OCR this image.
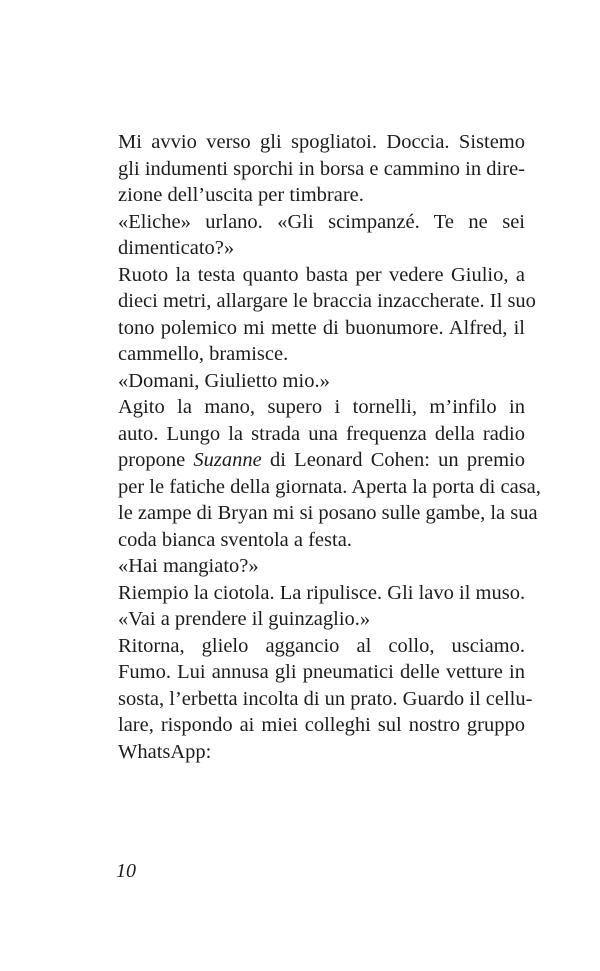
Mi avvio verso gli spogliatoi. Doccia. Sistemo
gli indumenti sporchi in borsa e cammino in dire-
zione dell’uscita per timbrare.
«Eliche» urlano. «Gli scimpanzé. Te ne sei
dimenticato?»
Ruoto la testa quanto basta per vedere Giulio, a
dieci metri, allargare le braccia inzaccherate. Il suo
tono polemico mi mette di buonumore. Alfred, il
cammello, bramisce.
«Domani, Giulietto mio.»
Agito la mano, supero i tornelli, m’infilo in
auto. Lungo la strada una frequenza della radio
propone Suzanne di Leonard Cohen: un premio
per le fatiche della giornata. Aperta la porta di casa,
le zampe di Bryan mi si posano sulle gambe, la sua
coda bianca sventola a festa.
«Hai mangiato?»
Riempio la ciotola. La ripulisce. Gli lavo il muso.
«Vai a prendere il guinzaglio.»
Ritorna, glielo aggancio al collo, usciamo.
Fumo. Lui annusa gli pneumatici delle vetture in
sosta, l’erbetta incolta di un prato. Guardo il cellu-
lare, rispondo ai miei colleghi sul nostro gruppo
WhatsApp:
10
